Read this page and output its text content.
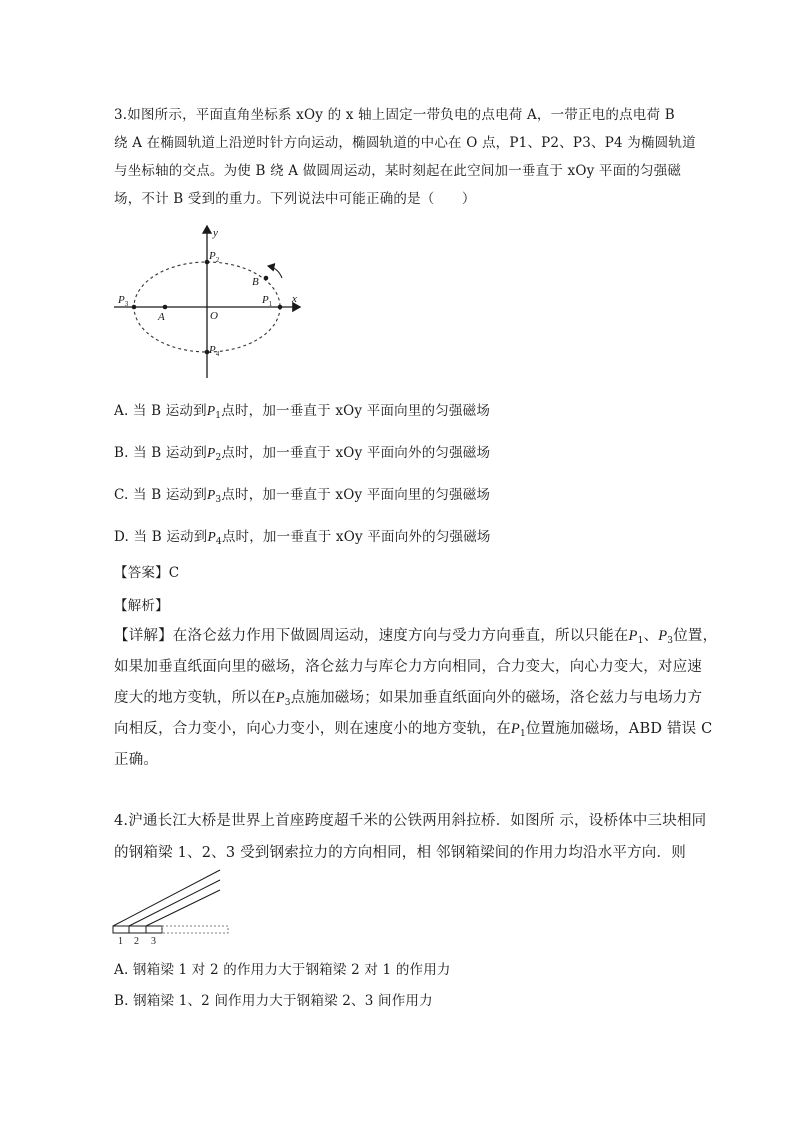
3.如图所示，平面直角坐标系 xOy 的 x 轴上固定一带负电的点电荷 A，一带正电的点电荷 B
绕 A 在椭圆轨道上沿逆时针方向运动，椭圆轨道的中心在 O 点，P1、P2、P3、P4 为椭圆轨道
与坐标轴的交点。为使 B 绕 A 做圆周运动，某时刻起在此空间加一垂直于 xOy 平面的匀强磁
场，不计 B 受到的重力。下列说法中可能正确的是（　　）
y
x
O
A
B
$P_1$
$P_2$
$P_3$
$P_4$
A. 当 B 运动到$P_1$点时，加一垂直于 xOy 平面向里的匀强磁场
B. 当 B 运动到$P_2$点时，加一垂直于 xOy 平面向外的匀强磁场
C. 当 B 运动到$P_3$点时，加一垂直于 xOy 平面向里的匀强磁场
D. 当 B 运动到$P_4$点时，加一垂直于 xOy 平面向外的匀强磁场
【答案】C
【解析】
【详解】在洛仑兹力作用下做圆周运动，速度方向与受力方向垂直，所以只能在$P_1$、$P_3$位置，
如果加垂直纸面向里的磁场，洛仑兹力与库仑力方向相同，合力变大，向心力变大，对应速
度大的地方变轨，所以在$P_3$点施加磁场；如果加垂直纸面向外的磁场，洛仑兹力与电场力方
向相反，合力变小，向心力变小，则在速度小的地方变轨，在$P_1$位置施加磁场，ABD 错误 C
正确。
4.沪通长江大桥是世界上首座跨度超千米的公铁两用斜拉桥．如图所 示，设桥体中三块相同
的钢箱梁 1、2、3 受到钢索拉力的方向相同，相 邻钢箱梁间的作用力均沿水平方向．则
1 2 3
A. 钢箱梁 1 对 2 的作用力大于钢箱梁 2 对 1 的作用力
B. 钢箱梁 1、2 间作用力大于钢箱梁 2、3 间作用力
